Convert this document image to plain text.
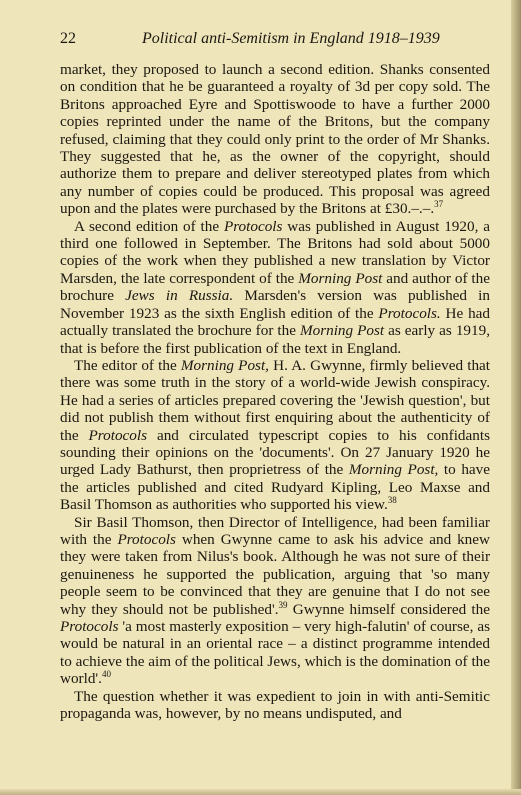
22	Political anti-Semitism in England 1918–1939

market, they proposed to launch a second edition. Shanks consented on condition that he be guaranteed a royalty of 3d per copy sold. The Britons approached Eyre and Spottiswoode to have a further 2000 copies reprinted under the name of the Britons, but the company refused, claiming that they could only print to the order of Mr Shanks. They suggested that he, as the owner of the copyright, should authorize them to prepare and deliver stereotyped plates from which any number of copies could be produced. This proposal was agreed upon and the plates were purchased by the Britons at £30.–.–.$^{37}$

A second edition of the Protocols was published in August 1920, a third one followed in September. The Britons had sold about 5000 copies of the work when they published a new translation by Victor Marsden, the late correspondent of the Morning Post and author of the brochure Jews in Russia. Marsden's version was published in November 1923 as the sixth English edition of the Protocols. He had actually translated the brochure for the Morning Post as early as 1919, that is before the first publication of the text in England.

The editor of the Morning Post, H. A. Gwynne, firmly believed that there was some truth in the story of a world-wide Jewish conspiracy. He had a series of articles prepared covering the 'Jewish question', but did not publish them without first enquiring about the authenticity of the Protocols and circulated typescript copies to his confidants sounding their opinions on the 'documents'. On 27 January 1920 he urged Lady Bathurst, then proprietress of the Morning Post, to have the articles published and cited Rudyard Kipling, Leo Maxse and Basil Thomson as authorities who supported his view.$^{38}$

Sir Basil Thomson, then Director of Intelligence, had been familiar with the Protocols when Gwynne came to ask his advice and knew they were taken from Nilus's book. Although he was not sure of their genuineness he supported the publication, arguing that 'so many people seem to be convinced that they are genuine that I do not see why they should not be published'.$^{39}$ Gwynne himself considered the Protocols 'a most masterly exposition – very high-falutin' of course, as would be natural in an oriental race – a distinct programme intended to achieve the aim of the political Jews, which is the domination of the world'.$^{40}$

The question whether it was expedient to join in with anti-Semitic propaganda was, however, by no means undisputed, and
